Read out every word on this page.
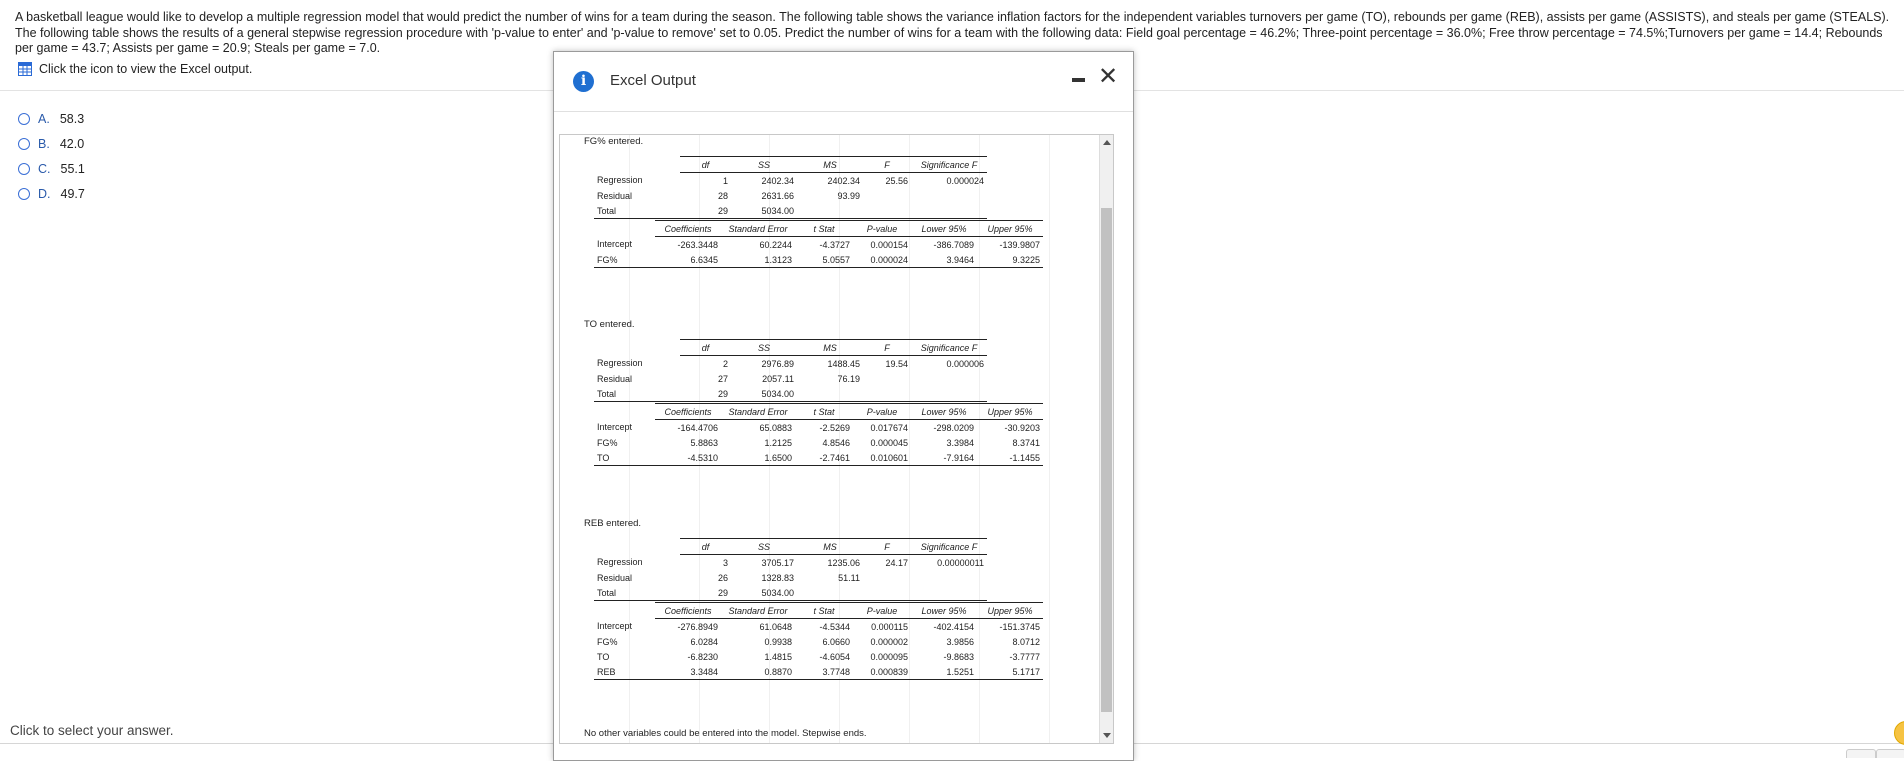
A basketball league would like to develop a multiple regression model that would predict the number of wins for a team during the season. The following table shows the variance inflation factors for the independent variables turnovers per game (TO), rebounds per game (REB), assists per game (ASSISTS), and steals per game (STEALS). The following table shows the results of a general stepwise regression procedure with 'p-value to enter' and 'p-value to remove' set to 0.05. Predict the number of wins for a team with the following data: Field goal percentage = 46.2%; Three-point percentage = 36.0%; Free throw percentage = 74.5%;Turnovers per game = 14.4; Rebounds per game = 43.7; Assists per game = 20.9; Steals per game = 7.0.
Click the icon to view the Excel output.
A. 58.3
B. 42.0
C. 55.1
D. 49.7
Click to select your answer.
i	Excel Output	✕
No other variables could be entered into the model. Stepwise ends.
FG% entered.
	df	SS	MS	F	Significance F
Regression	1	2402.34	2402.34	25.56	0.000024
Residual	28	2631.66	93.99		
Total	29	5034.00			
	Coefficients	Standard Error	t Stat	P-value	Lower 95%	Upper 95%
Intercept	-263.3448	60.2244	-4.3727	0.000154	-386.7089	-139.9807
FG%	6.6345	1.3123	5.0557	0.000024	3.9464	9.3225
TO entered.
	df	SS	MS	F	Significance F
Regression	2	2976.89	1488.45	19.54	0.000006
Residual	27	2057.11	76.19		
Total	29	5034.00			
	Coefficients	Standard Error	t Stat	P-value	Lower 95%	Upper 95%
Intercept	-164.4706	65.0883	-2.5269	0.017674	-298.0209	-30.9203
FG%	5.8863	1.2125	4.8546	0.000045	3.3984	8.3741
TO	-4.5310	1.6500	-2.7461	0.010601	-7.9164	-1.1455
REB entered.
	df	SS	MS	F	Significance F
Regression	3	3705.17	1235.06	24.17	0.00000011
Residual	26	1328.83	51.11		
Total	29	5034.00			
	Coefficients	Standard Error	t Stat	P-value	Lower 95%	Upper 95%
Intercept	-276.8949	61.0648	-4.5344	0.000115	-402.4154	-151.3745
FG%	6.0284	0.9938	6.0660	0.000002	3.9856	8.0712
TO	-6.8230	1.4815	-4.6054	0.000095	-9.8683	-3.7777
REB	3.3484	0.8870	3.7748	0.000839	1.5251	5.1717
